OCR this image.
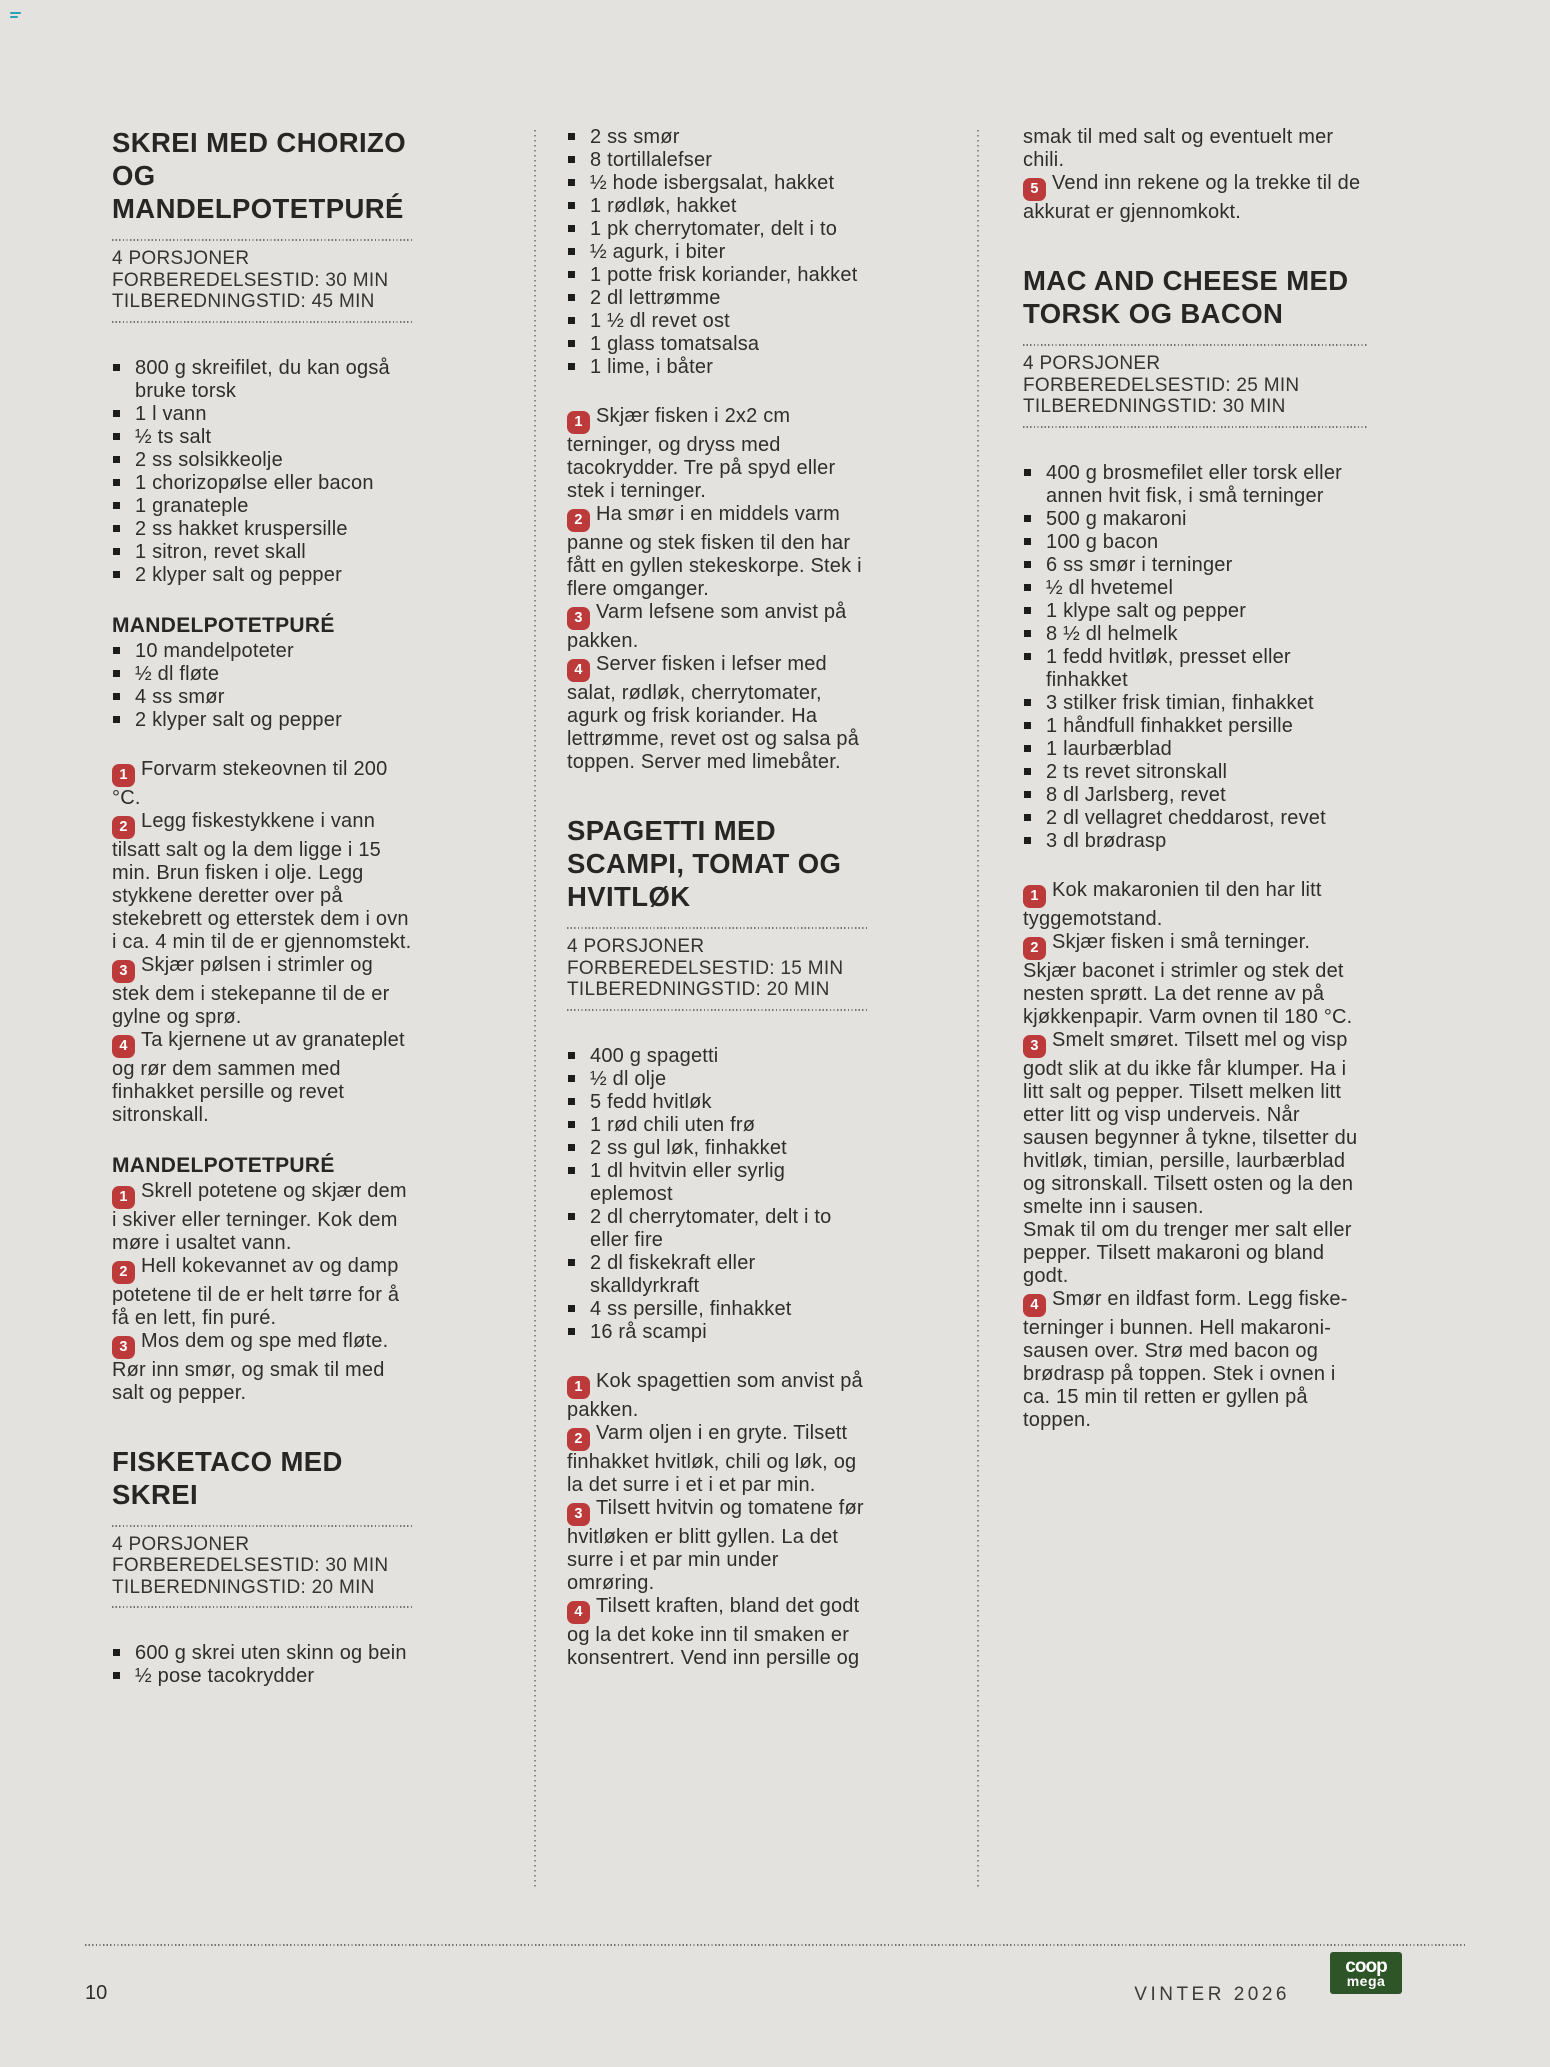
SKREI MED CHORIZO OG MANDELPOTETPURÉ
4 PORSJONER
FORBEREDELSESTID: 30 MIN
TILBEREDNINGSTID: 45 MIN
800 g skreifilet, du kan også bruke torsk
1 l vann
½ ts salt
2 ss solsikkeolje
1 chorizopølse eller bacon
1 granateple
2 ss hakket kruspersille
1 sitron, revet skall
2 klyper salt og pepper
MANDELPOTETPURÉ
10 mandelpoteter
½ dl fløte
4 ss smør
2 klyper salt og pepper

1 Forvarm stekeovnen til 200 °C.

2 Legg fiskestykkene i vann tilsatt salt og la dem ligge i 15 min. Brun fisken i olje. Legg stykkene deretter over på stekebrett og etterstek dem i ovn i ca. 4 min til de er gjennomstekt.

3 Skjær pølsen i strimler og stek dem i stekepanne til de er gylne og sprø.

4 Ta kjernene ut av granateplet og rør dem sammen med finhakket persille og revet sitronskall.

MANDELPOTETPURÉ

1 Skrell potetene og skjær dem i skiver eller terninger. Kok dem møre i usaltet vann.

2 Hell kokevannet av og damp potetene til de er helt tørre for å få en lett, fin puré.

3 Mos dem og spe med fløte. Rør inn smør, og smak til med salt og pepper.

FISKETACO MED SKREI
4 PORSJONER
FORBEREDELSESTID: 30 MIN
TILBEREDNINGSTID: 20 MIN
600 g skrei uten skinn og bein
½ pose tacokrydder
2 ss smør
8 tortillalefser
½ hode isbergsalat, hakket
1 rødløk, hakket
1 pk cherrytomater, delt i to
½ agurk, i biter
1 potte frisk koriander, hakket
2 dl lettrømme
1 ½ dl revet ost
1 glass tomatsalsa
1 lime, i båter

1 Skjær fisken i 2x2 cm terninger, og dryss med tacokrydder. Tre på spyd eller stek i terninger.

2 Ha smør i en middels varm panne og stek fisken til den har fått en gyllen stekeskorpe. Stek i flere omganger.

3 Varm lefsene som anvist på pakken.

4 Server fisken i lefser med salat, rødløk, cherrytomater, agurk og frisk koriander. Ha lettrømme, revet ost og salsa på toppen. Server med limebåter.

SPAGETTI MED SCAMPI, TOMAT OG HVITLØK
4 PORSJONER
FORBEREDELSESTID: 15 MIN
TILBEREDNINGSTID: 20 MIN
400 g spagetti
½ dl olje
5 fedd hvitløk
1 rød chili uten frø
2 ss gul løk, finhakket
1 dl hvitvin eller syrlig eplemost
2 dl cherrytomater, delt i to eller fire
2 dl fiskekraft eller skalldyrkraft
4 ss persille, finhakket
16 rå scampi

1 Kok spagettien som anvist på pakken.

2 Varm oljen i en gryte. Tilsett finhakket hvitløk, chili og løk, og la det surre i et i et par min.

3 Tilsett hvitvin og tomatene før hvitløken er blitt gyllen. La det surre i et par min under omrøring.

4 Tilsett kraften, bland det godt og la det koke inn til smaken er konsentrert. Vend inn persille og

smak til med salt og eventuelt mer chili.

5 Vend inn rekene og la trekke til de akkurat er gjennomkokt.

MAC AND CHEESE MED TORSK OG BACON
4 PORSJONER
FORBEREDELSESTID: 25 MIN
TILBEREDNINGSTID: 30 MIN
400 g brosmefilet eller torsk eller annen hvit fisk, i små terninger
500 g makaroni
100 g bacon
6 ss smør i terninger
½ dl hvetemel
1 klype salt og pepper
8 ½ dl helmelk
1 fedd hvitløk, presset eller finhakket
3 stilker frisk timian, finhakket
1 håndfull finhakket persille
1 laurbærblad
2 ts revet sitronskall
8 dl Jarlsberg, revet
2 dl vellagret cheddarost, revet
3 dl brødrasp

1 Kok makaronien til den har litt tyggemotstand.

2 Skjær fisken i små terninger. Skjær baconet i strimler og stek det nesten sprøtt. La det renne av på kjøkkenpapir. Varm ovnen til 180 °C.

3 Smelt smøret. Tilsett mel og visp godt slik at du ikke får klumper. Ha i litt salt og pepper. Tilsett melken litt etter litt og visp underveis. Når sausen begynner å tykne, tilsetter du hvitløk, timian, persille, laurbærblad og sitronskall. Tilsett osten og la den smelte inn i sausen.

Smak til om du trenger mer salt eller pepper. Tilsett makaroni og bland godt.

4 Smør en ildfast form. Legg fiske-terninger i bunnen. Hell makaroni-sausen over. Strø med bacon og brødrasp på toppen. Stek i ovnen i ca. 15 min til retten er gyllen på toppen.

10	VINTER 2026
coop
mega
